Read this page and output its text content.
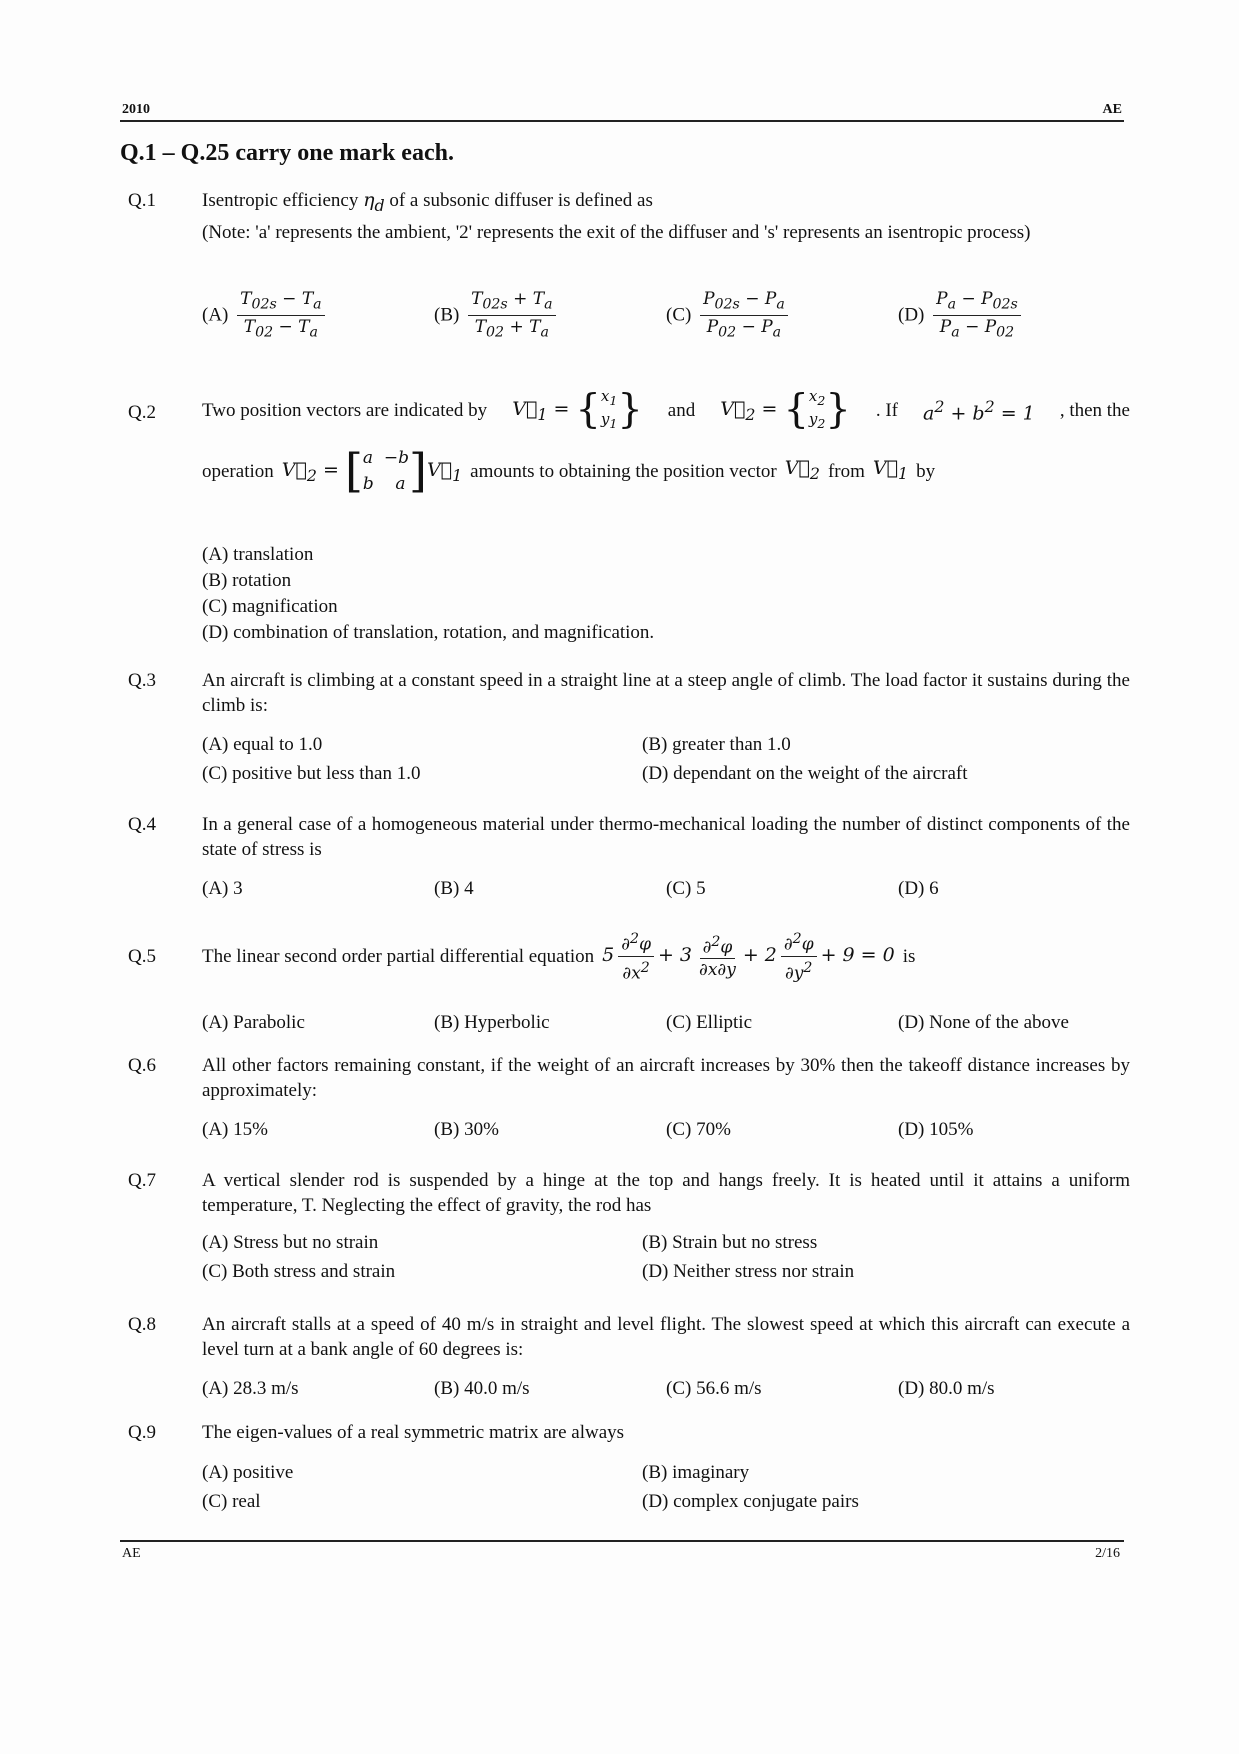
2010	AE
Q.1 – Q.25 carry one mark each.
Q.1 Isentropic efficiency $\eta_d$ of a subsonic diffuser is defined as
(Note: 'a' represents the ambient, '2' represents the exit of the diffuser and 's' represents an isentropic process)
$(A) \frac{T_{02s} - T_a}{T_{02} - T_a}$	$(B) \frac{T_{02s} + T_a}{T_{02} + T_a}$	$(C) \frac{P_{02s} - P_a}{P_{02} - P_a}$	$(D) \frac{P_a - P_{02s}}{P_a - P_{02}}$
Q.2 Two position vectors are indicated by $V⃗_1 = \{x_1$
$y_1$} and $V⃗_2 = \{x_2$
$y_2$} . If $a^2 + b^2 = 1$ , then the
operation $V⃗_2 = [a -b$
b    $a]V⃗_1$ amounts to obtaining the position vector $V⃗_2$ from $V⃗_1$ by
(A) translation
(B) rotation
(C) magnification
(D) combination of translation, rotation, and magnification.
Q.3 An aircraft is climbing at a constant speed in a straight line at a steep angle of climb. The load factor it sustains during the climb is:
(A) equal to 1.0	(B) greater than 1.0
(C) positive but less than 1.0	(D) dependant on the weight of the aircraft
Q.4 In a general case of a homogeneous material under thermo-mechanical loading the number of distinct components of the state of stress is
(A) 3	(B) 4	(C) 5	(D) 6
Q.5 The linear second order partial differential equation $5 \frac{\partial^2\varphi}{\partial x^2} + 3 \frac{\partial^2\varphi}{\partial x\partial y} + 2 \frac{\partial^2\varphi}{\partial y^2} + 9 = 0$ is
(A) Parabolic	(B) Hyperbolic	(C) Elliptic	(D) None of the above
Q.6 All other factors remaining constant, if the weight of an aircraft increases by 30% then the takeoff distance increases by approximately:
(A) 15%	(B) 30%	(C) 70%	(D) 105%
Q.7 A vertical slender rod is suspended by a hinge at the top and hangs freely. It is heated until it attains a uniform temperature, T. Neglecting the effect of gravity, the rod has
(A) Stress but no strain	(B) Strain but no stress
(C) Both stress and strain	(D) Neither stress nor strain
Q.8 An aircraft stalls at a speed of 40 m/s in straight and level flight. The slowest speed at which this aircraft can execute a level turn at a bank angle of 60 degrees is:
(A) 28.3 m/s	(B) 40.0 m/s	(C) 56.6 m/s	(D) 80.0 m/s
Q.9 The eigen-values of a real symmetric matrix are always
(A) positive	(B) imaginary
(C) real	(D) complex conjugate pairs
AE	2/16
